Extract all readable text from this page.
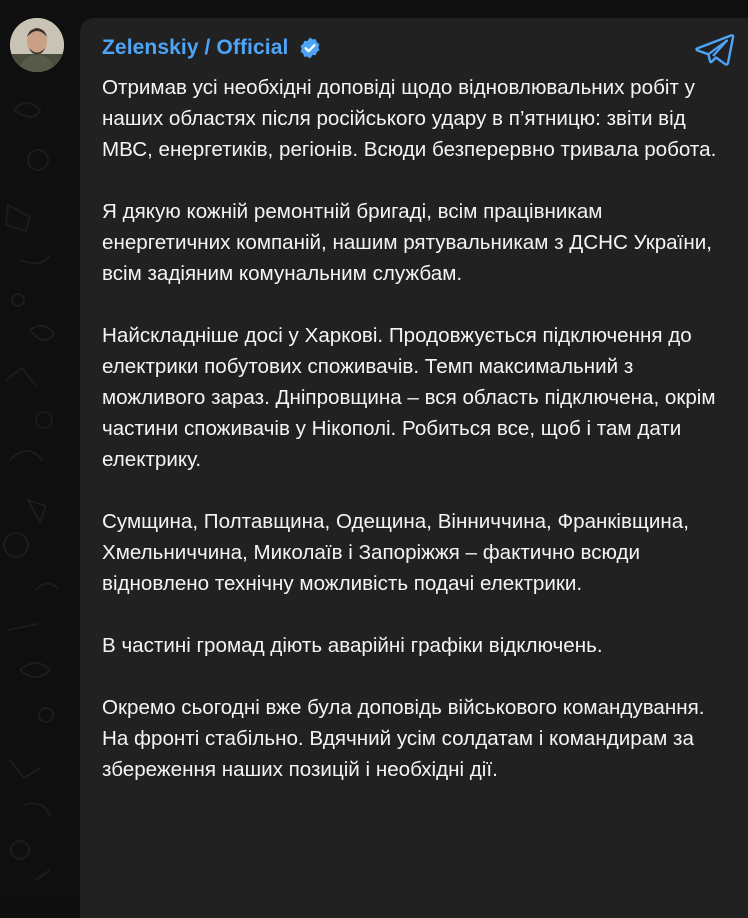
Zelenskiy / Official

Отримав усі необхідні доповіді щодо відновлювальних робіт у наших областях після російського удару в п’ятницю: звіти від МВС, енергетиків, регіонів. Всюди безперервно тривала робота.

Я дякую кожній ремонтній бригаді, всім працівникам енергетичних компаній, нашим рятувальникам з ДСНС України, всім задіяним комунальним службам.

Найскладніше досі у Харкові. Продовжується підключення до електрики побутових споживачів. Темп максимальний з можливого зараз. Дніпровщина – вся область підключена, окрім частини споживачів у Нікополі. Робиться все, щоб і там дати електрику.

Сумщина, Полтавщина, Одещина, Вінниччина, Франківщина, Хмельниччина, Миколаїв і Запоріжжя – фактично всюди відновлено технічну можливість подачі електрики.

В частині громад діють аварійні графіки відключень.

Окремо сьогодні вже була доповідь військового командування. На фронті стабільно. Вдячний усім солдатам і командирам за збереження наших позицій і необхідні дії.
